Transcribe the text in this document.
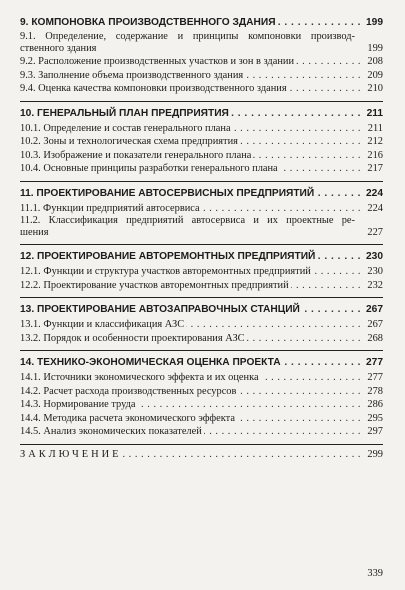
. . .
9. КОМПОНОВКА ПРОИЗВОДСТВЕННОГО ЗДАНИЯ	199
9.1. Определение, содержание и принципы компоновки производ-
ственного здания	199
. . .
9.2. Расположение производственных участков и зон в здании	208
. . .
9.3. Заполнение объема производственного здания	209
. . .
9.4. Оценка качества компоновки производственного здания	210
. . .
10. ГЕНЕРАЛЬНЫЙ ПЛАН ПРЕДПРИЯТИЯ	211
. . .
10.1. Определение и состав генерального плана	211
. . .
10.2. Зоны и технологическая схема предприятия	212
. . .
10.3. Изображение и показатели генерального плана	216
. . .
10.4. Основные принципы разработки генерального плана	217
. . .
11. ПРОЕКТИРОВАНИЕ АВТОСЕРВИСНЫХ ПРЕДПРИЯТИЙ	224
. . .
11.1. Функции предприятий автосервиса	224
11.2. Классификация предприятий автосервиса и их проектные ре-
шения	227
. . .
12. ПРОЕКТИРОВАНИЕ АВТОРЕМОНТНЫХ ПРЕДПРИЯТИЙ	230
. . .
12.1. Функции и структура участков авторемонтных предприятий	230
. . .
12.2. Проектирование участков авторемонтных предприятий	232
. . .
13. ПРОЕКТИРОВАНИЕ АВТОЗАПРАВОЧНЫХ СТАНЦИЙ	267
. . .
13.1. Функции и классификация АЗС	267
. . .
13.2. Порядок и особенности проектирования АЗС	268
. . .
14. ТЕХНИКО-ЭКОНОМИЧЕСКАЯ ОЦЕНКА ПРОЕКТА	277
. . .
14.1. Источники экономического эффекта и их оценка	277
. . .
14.2. Расчет расхода производственных ресурсов	278
. . .
14.3. Нормирование труда	286
. . .
14.4. Методика расчета экономического эффекта	295
. . .
14.5. Анализ экономических показателей	297
. . .
ЗАКЛЮЧЕНИЕ	299
339
